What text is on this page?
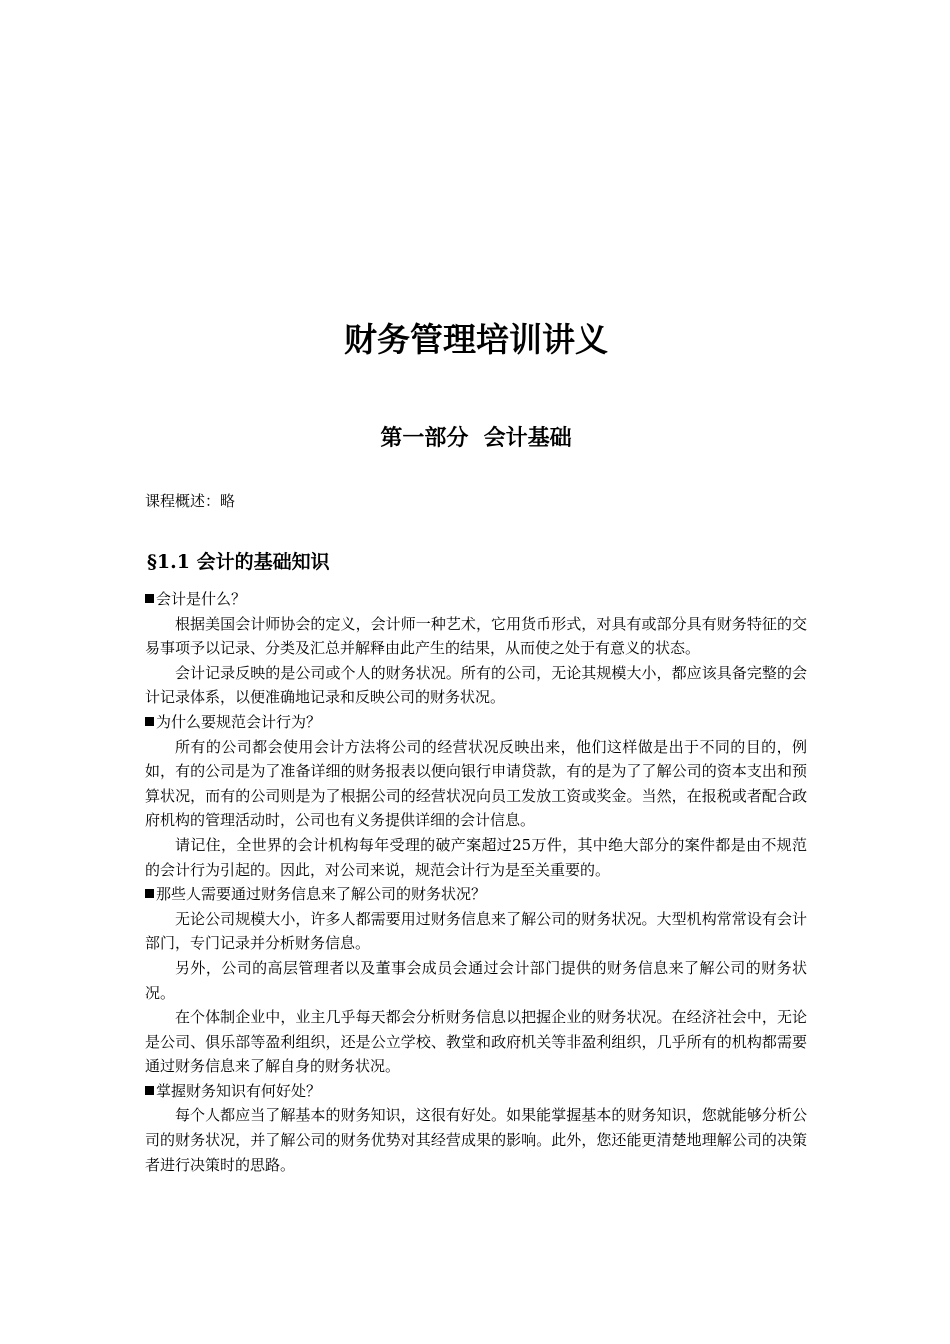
财务管理培训讲义
第一部分  会计基础

课程概述：略

§1.1 会计的基础知识

会计是什么？

根据美国会计师协会的定义，会计师一种艺术，它用货币形式，对具有或部分具有财务特征的交易事项予以记录、分类及汇总并解释由此产生的结果，从而使之处于有意义的状态。

会计记录反映的是公司或个人的财务状况。所有的公司，无论其规模大小，都应该具备完整的会计记录体系，以便准确地记录和反映公司的财务状况。

为什么要规范会计行为？

所有的公司都会使用会计方法将公司的经营状况反映出来，他们这样做是出于不同的目的，例如，有的公司是为了准备详细的财务报表以便向银行申请贷款，有的是为了了解公司的资本支出和预算状况，而有的公司则是为了根据公司的经营状况向员工发放工资或奖金。当然，在报税或者配合政府机构的管理活动时，公司也有义务提供详细的会计信息。

请记住，全世界的会计机构每年受理的破产案超过25万件，其中绝大部分的案件都是由不规范的会计行为引起的。因此，对公司来说，规范会计行为是至关重要的。

那些人需要通过财务信息来了解公司的财务状况？

无论公司规模大小，许多人都需要用过财务信息来了解公司的财务状况。大型机构常常设有会计部门，专门记录并分析财务信息。

另外，公司的高层管理者以及董事会成员会通过会计部门提供的财务信息来了解公司的财务状况。

在个体制企业中，业主几乎每天都会分析财务信息以把握企业的财务状况。在经济社会中，无论是公司、俱乐部等盈利组织，还是公立学校、教堂和政府机关等非盈利组织，几乎所有的机构都需要通过财务信息来了解自身的财务状况。

掌握财务知识有何好处？

每个人都应当了解基本的财务知识，这很有好处。如果能掌握基本的财务知识，您就能够分析公司的财务状况，并了解公司的财务优势对其经营成果的影响。此外，您还能更清楚地理解公司的决策者进行决策时的思路。
